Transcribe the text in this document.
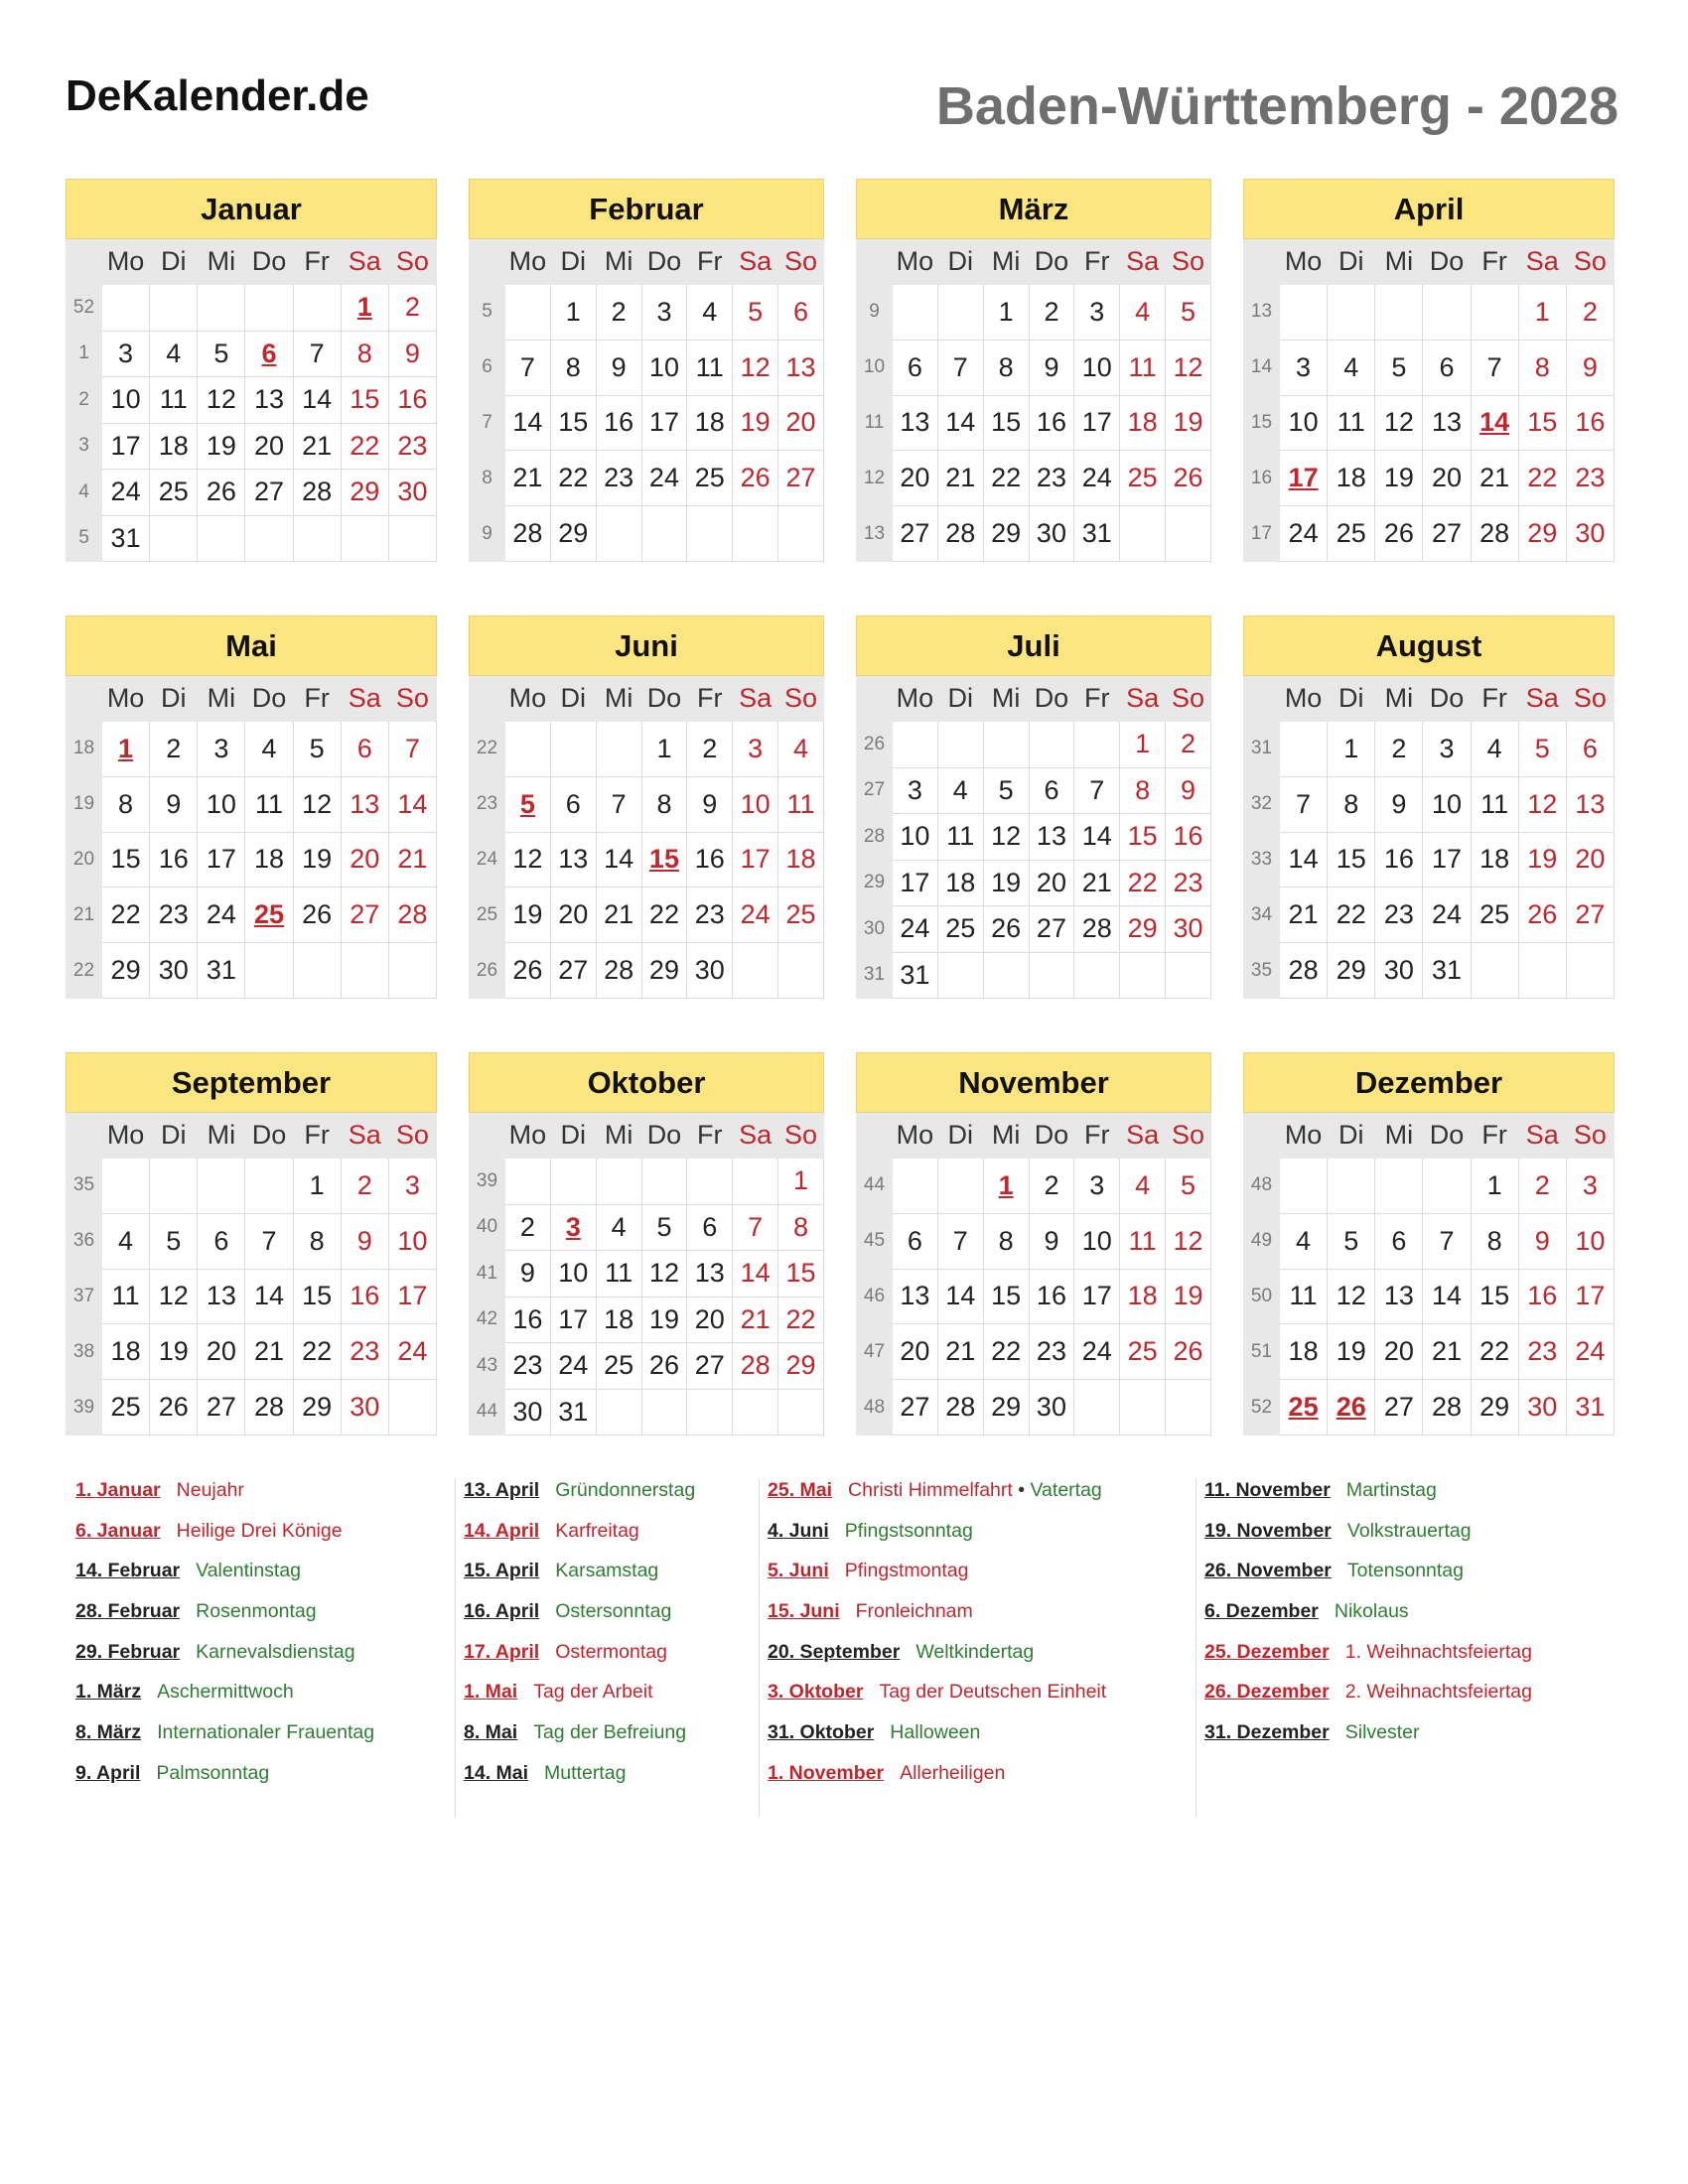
DeKalender.de	Baden-Württemberg - 2028
Januar							
	Mo	Di	Mi	Do	Fr	Sa	So
52						1	2
1	3	4	5	6	7	8	9
2	10	11	12	13	14	15	16
3	17	18	19	20	21	22	23
4	24	25	26	27	28	29	30
5	31						
Februar							
	Mo	Di	Mi	Do	Fr	Sa	So
5		1	2	3	4	5	6
6	7	8	9	10	11	12	13
7	14	15	16	17	18	19	20
8	21	22	23	24	25	26	27
9	28	29					
März							
	Mo	Di	Mi	Do	Fr	Sa	So
9			1	2	3	4	5
10	6	7	8	9	10	11	12
11	13	14	15	16	17	18	19
12	20	21	22	23	24	25	26
13	27	28	29	30	31		
April							
	Mo	Di	Mi	Do	Fr	Sa	So
13						1	2
14	3	4	5	6	7	8	9
15	10	11	12	13	14	15	16
16	17	18	19	20	21	22	23
17	24	25	26	27	28	29	30
Mai							
	Mo	Di	Mi	Do	Fr	Sa	So
18	1	2	3	4	5	6	7
19	8	9	10	11	12	13	14
20	15	16	17	18	19	20	21
21	22	23	24	25	26	27	28
22	29	30	31				
Juni							
	Mo	Di	Mi	Do	Fr	Sa	So
22				1	2	3	4
23	5	6	7	8	9	10	11
24	12	13	14	15	16	17	18
25	19	20	21	22	23	24	25
26	26	27	28	29	30		
Juli							
	Mo	Di	Mi	Do	Fr	Sa	So
26						1	2
27	3	4	5	6	7	8	9
28	10	11	12	13	14	15	16
29	17	18	19	20	21	22	23
30	24	25	26	27	28	29	30
31	31						
August							
	Mo	Di	Mi	Do	Fr	Sa	So
31		1	2	3	4	5	6
32	7	8	9	10	11	12	13
33	14	15	16	17	18	19	20
34	21	22	23	24	25	26	27
35	28	29	30	31			
September							
	Mo	Di	Mi	Do	Fr	Sa	So
35					1	2	3
36	4	5	6	7	8	9	10
37	11	12	13	14	15	16	17
38	18	19	20	21	22	23	24
39	25	26	27	28	29	30	
Oktober							
	Mo	Di	Mi	Do	Fr	Sa	So
39							1
40	2	3	4	5	6	7	8
41	9	10	11	12	13	14	15
42	16	17	18	19	20	21	22
43	23	24	25	26	27	28	29
44	30	31					
November							
	Mo	Di	Mi	Do	Fr	Sa	So
44			1	2	3	4	5
45	6	7	8	9	10	11	12
46	13	14	15	16	17	18	19
47	20	21	22	23	24	25	26
48	27	28	29	30			
Dezember							
	Mo	Di	Mi	Do	Fr	Sa	So
48					1	2	3
49	4	5	6	7	8	9	10
50	11	12	13	14	15	16	17
51	18	19	20	21	22	23	24
52	25	26	27	28	29	30	31
1. Januar Neujahr
6. Januar Heilige Drei Könige
14. Februar Valentinstag
28. Februar Rosenmontag
29. Februar Karnevalsdienstag
1. März Aschermittwoch
8. März Internationaler Frauentag
9. April Palmsonntag
13. April Gründonnerstag
14. April Karfreitag
15. April Karsamstag
16. April Ostersonntag
17. April Ostermontag
1. Mai Tag der Arbeit
8. Mai Tag der Befreiung
14. Mai Muttertag
25. Mai Christi Himmelfahrt • Vatertag
4. Juni Pfingstsonntag
5. Juni Pfingstmontag
15. Juni Fronleichnam
20. September Weltkindertag
3. Oktober Tag der Deutschen Einheit
31. Oktober Halloween
1. November Allerheiligen
11. November Martinstag
19. November Volkstrauertag
26. November Totensonntag
6. Dezember Nikolaus
25. Dezember 1. Weihnachtsfeiertag
26. Dezember 2. Weihnachtsfeiertag
31. Dezember Silvester
